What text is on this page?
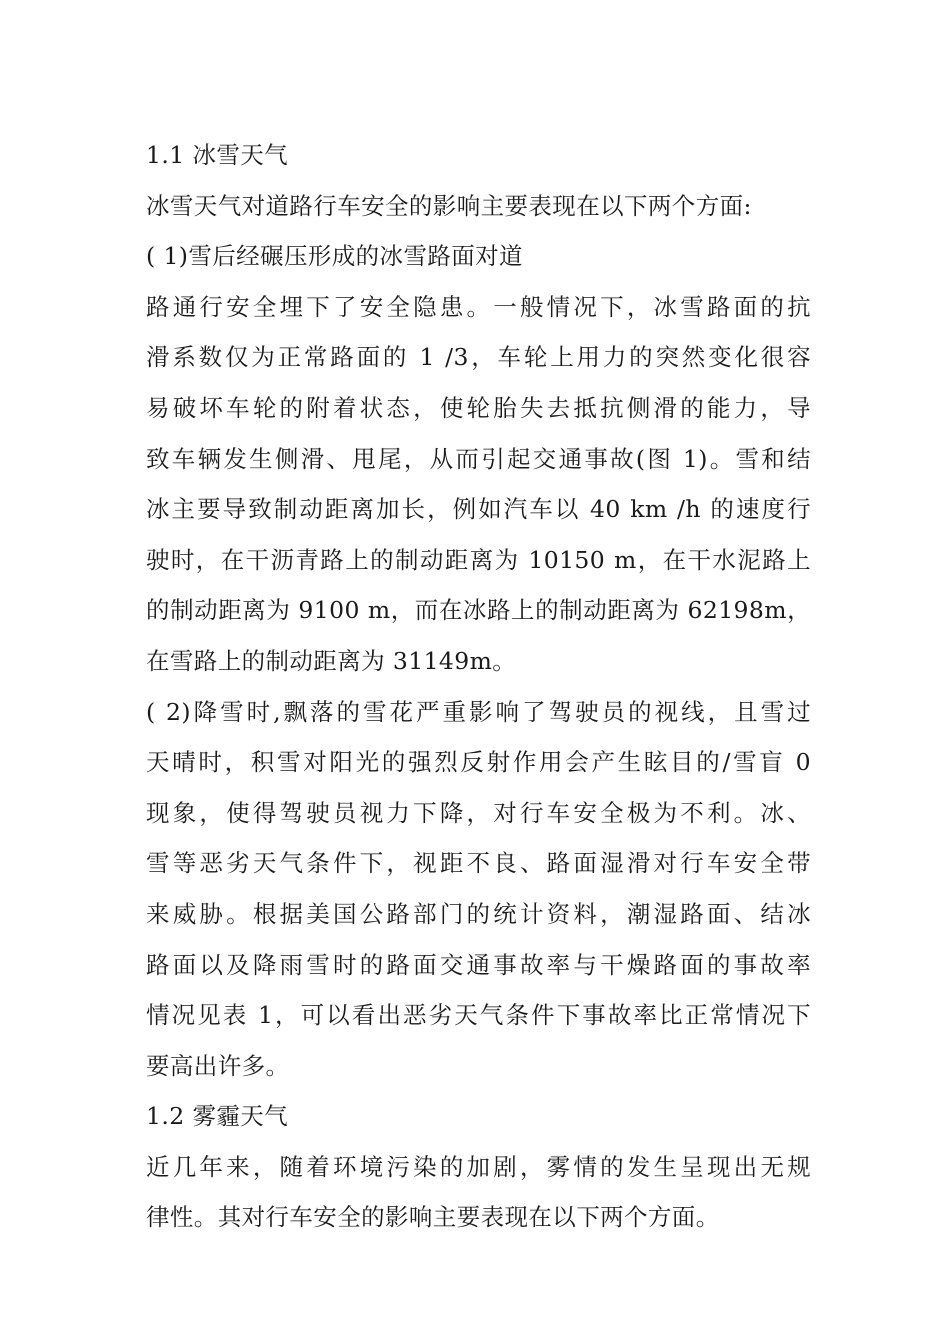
1.1 冰雪天气
冰雪天气对道路行车安全的影响主要表现在以下两个方面:
( 1)雪后经碾压形成的冰雪路面对道
路通行安全埋下了安全隐患。一般情况下，冰雪路面的抗
滑系数仅为正常路面的 1 /3，车轮上用力的突然变化很容
易破坏车轮的附着状态，使轮胎失去抵抗侧滑的能力，导
致车辆发生侧滑、甩尾，从而引起交通事故(图 1)。雪和结
冰主要导致制动距离加长，例如汽车以 40 km /h 的速度行
驶时，在干沥青路上的制动距离为 10150 m，在干水泥路上
的制动距离为 9100 m，而在冰路上的制动距离为 62198m，
在雪路上的制动距离为 31149m。
( 2)降雪时,飘落的雪花严重影响了驾驶员的视线，且雪过
天晴时，积雪对阳光的强烈反射作用会产生眩目的/雪盲 0
现象，使得驾驶员视力下降，对行车安全极为不利。冰、
雪等恶劣天气条件下，视距不良、路面湿滑对行车安全带
来威胁。根据美国公路部门的统计资料，潮湿路面、结冰
路面以及降雨雪时的路面交通事故率与干燥路面的事故率
情况见表 1，可以看出恶劣天气条件下事故率比正常情况下
要高出许多。
1.2 雾霾天气
近几年来，随着环境污染的加剧，雾情的发生呈现出无规
律性。其对行车安全的影响主要表现在以下两个方面。
